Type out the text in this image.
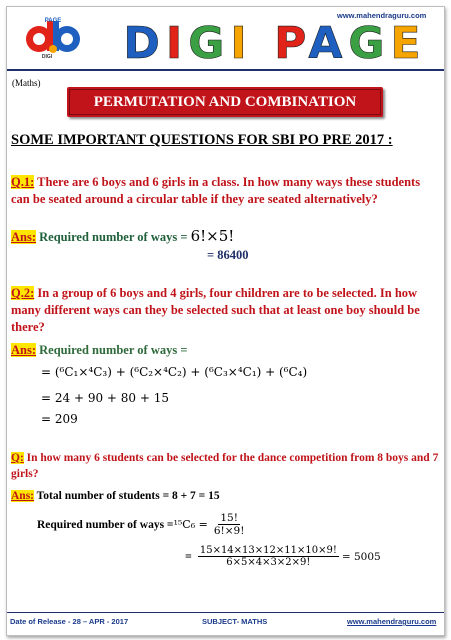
www.mahendraguru.com
PAGE
DIGI DIGI PAGE
(Maths)
PERMUTATION AND COMBINATION
SOME IMPORTANT QUESTIONS FOR SBI PO PRE 2017 :
Q.1: There are 6 boys and 6 girls in a class. In how many ways these students can be seated around a circular table if they are seated alternatively?
Ans: Required number of ways = 6!×5!
= 86400
Q.2: In a group of 6 boys and 4 girls, four children are to be selected. In how many different ways can they be selected such that at least one boy should be there?
Ans: Required number of ways =
= (⁶C₁×⁴C₃) + (⁶C₂×⁴C₂) + (⁶C₃×⁴C₁) + (⁶C₄)
= 24 + 90 + 80 + 15
= 209
Q: In how many 6 students can be selected for the dance competition from 8 boys and 7 girls?
Ans: Total number of students = 8 + 7 = 15
Required number of ways = $^{15}C_6 = \frac{15!}{6!\times 9!}$
= $\frac{15\times 14\times 13\times 12\times 11\times 10\times 9!}{6\times 5\times 4\times 3\times 2\times 9!} = 5005$
Date of Release - 28 – APR - 2017	SUBJECT- MATHS	www.mahendraguru.com
